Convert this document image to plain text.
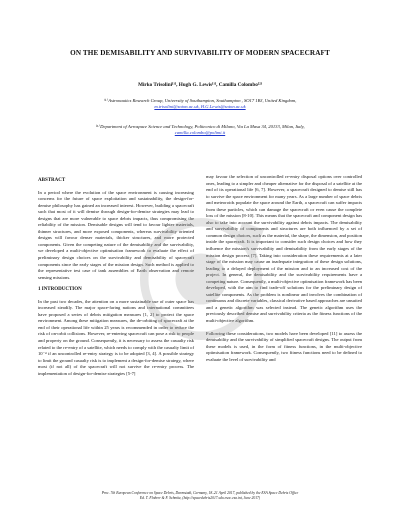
ON THE DEMISABILITY AND SURVIVABILITY OF MODERN SPACECRAFT
Mirko Trisolini⁽¹⁾, Hugh G. Lewis⁽¹⁾, Camilla Colombo⁽²⁾
⁽¹⁾ Astronautics Research Group, University of Southampton, Southampton , SO17 1BJ, United Kingdom,
m.trisolini@soton.ac.uk, H.G.Lewis@soton.ac.uk
⁽²⁾ Department of Aerospace Science and Technology, Politecnico di Milano, Via La Masa 34, 20133, Milan, Italy,
camilla.colombo@polimi.it
ABSTRACT

In a period where the evolution of the space environment is causing increasing concerns for the future of space exploitation and sustainability, the design-for-demise philosophy has gained an increased interest. However, building a spacecraft such that most of it will demise through design-for-demise strategies may lead to designs that are more vulnerable to space debris impacts, thus compromising the reliability of the mission. Demisable designs will tend to favour lighter materials, thinner structures, and more exposed components, whereas survivability oriented designs will favour denser materials, thicker structures, and more protected components. Given the competing nature of the demisability and the survivability, we developed a multi-objective optimisation framework to evaluate the effect of preliminary design choices on the survivability and demisability of spacecraft components since the early stages of the mission design. Such method is applied to the representative test case of tank assemblies of Earth observation and remote sensing missions.

1 INTRODUCTION

In the past two decades, the attention on a more sustainable use of outer space has increased steadily. The major space-faring nations and international committees have proposed a series of debris mitigation measures [1, 2] to protect the space environment. Among these mitigation measures, the de-orbiting of spacecraft at the end of their operational life within 25 years is recommended in order to reduce the risk of on-orbit collisions. However, re-entering spacecraft can pose a risk to people and property on the ground. Consequently, it is necessary to assess the casualty risk related to the re-entry of a satellite, which needs to comply with the casualty limit of 10⁻⁴ if an uncontrolled re-entry strategy is to be adopted [3, 4]. A possible strategy to limit the ground casualty risk is to implement a design-for-demise strategy, where most (if not all) of the spacecraft will not survive the re-entry process. The implementation of design-for-demise strategies [5-7]

may favour the selection of uncontrolled re-entry disposal options over controlled ones, leading to a simpler and cheaper alternative for the disposal of a satellite at the end of its operational life [6, 7]. However, a spacecraft designed to demise still has to survive the space environment for many years. As a large number of space debris and meteoroids populate the space around the Earth, a spacecraft can suffer impacts from these particles, which can damage the spacecraft or even cause the complete loss of the mission [8-10]. This means that the spacecraft and component design has also to take into account the survivability against debris impacts. The demisability and survivability of components and structures are both influenced by a set of common design choices, such as the material, the shape, the dimension, and position inside the spacecraft. It is important to consider such design choices and how they influence the mission's survivability and demisability from the early stages of the mission design process [7]. Taking into consideration these requirements at a later stage of the mission may cause an inadequate integration of these design solutions, leading to a delayed deployment of the mission and to an increased cost of the project. In general, the demisability and the survivability requirements have a competing nature. Consequently, a multi-objective optimisation framework has been developed, with the aim to find trade-off solutions for the preliminary design of satellite components. As the problem is nonlinear and involves the combination of continuous and discrete variables, classical derivative based approaches are unsuited and a genetic algorithm was selected instead. The genetic algorithm uses the previously described demise and survivability criteria as the fitness functions of the multi-objective algorithm.

Following these considerations, two models have been developed [11] to assess the demisability and the survivability of simplified spacecraft designs. The output from these models is used, in the form of fitness functions, in the multi-objective optimisation framework. Consequently, two fitness functions need to be defined to evaluate the level of survivability and

Proc. 7th European Conference on Space Debris, Darmstadt, Germany, 18–21 April 2017, published by the ESA Space Debris Office
Ed. T. Flohrer & F. Schmitz, (http://spacedebris2017.sdo.esoc.esa.int, June 2017)
